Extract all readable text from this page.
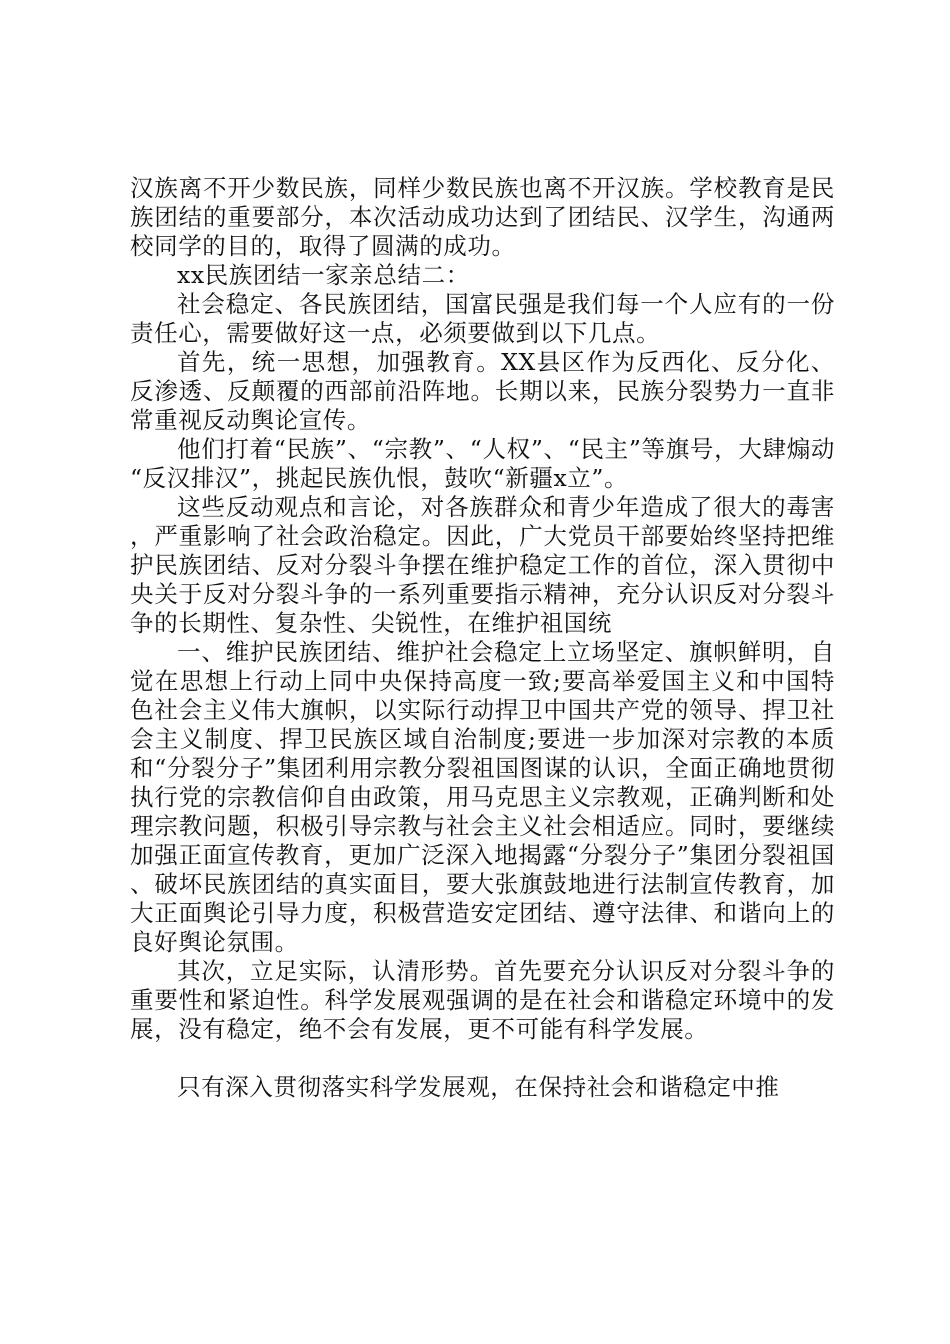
汉族离不开少数民族，同样少数民族也离不开汉族。学校教育是民族团结的重要部分，本次活动成功达到了团结民、汉学生，沟通两校同学的目的，取得了圆满的成功。

xx民族团结一家亲总结二：

社会稳定、各民族团结，国富民强是我们每一个人应有的一份责任心，需要做好这一点，必须要做到以下几点。

首先，统一思想，加强教育。XX县区作为反西化、反分化、反渗透、反颠覆的西部前沿阵地。长期以来，民族分裂势力一直非常重视反动舆论宣传。

他们打着“民族”、“宗教”、“人权”、“民主”等旗号，大肆煽动“反汉排汉”，挑起民族仇恨，鼓吹“新疆x立”。

这些反动观点和言论，对各族群众和青少年造成了很大的毒害，严重影响了社会政治稳定。因此，广大党员干部要始终坚持把维护民族团结、反对分裂斗争摆在维护稳定工作的首位，深入贯彻中央关于反对分裂斗争的一系列重要指示精神，充分认识反对分裂斗争的长期性、复杂性、尖锐性，在维护祖国统

一、维护民族团结、维护社会稳定上立场坚定、旗帜鲜明，自觉在思想上行动上同中央保持高度一致;要高举爱国主义和中国特色社会主义伟大旗帜，以实际行动捍卫中国共产党的领导、捍卫社会主义制度、捍卫民族区域自治制度;要进一步加深对宗教的本质和“分裂分子”集团利用宗教分裂祖国图谋的认识，全面正确地贯彻执行党的宗教信仰自由政策，用马克思主义宗教观，正确判断和处理宗教问题，积极引导宗教与社会主义社会相适应。同时，要继续加强正面宣传教育，更加广泛深入地揭露“分裂分子”集团分裂祖国、破坏民族团结的真实面目，要大张旗鼓地进行法制宣传教育，加大正面舆论引导力度，积极营造安定团结、遵守法律、和谐向上的良好舆论氛围。

其次，立足实际，认清形势。首先要充分认识反对分裂斗争的重要性和紧迫性。科学发展观强调的是在社会和谐稳定环境中的发展，没有稳定，绝不会有发展，更不可能有科学发展。

只有深入贯彻落实科学发展观，在保持社会和谐稳定中推
